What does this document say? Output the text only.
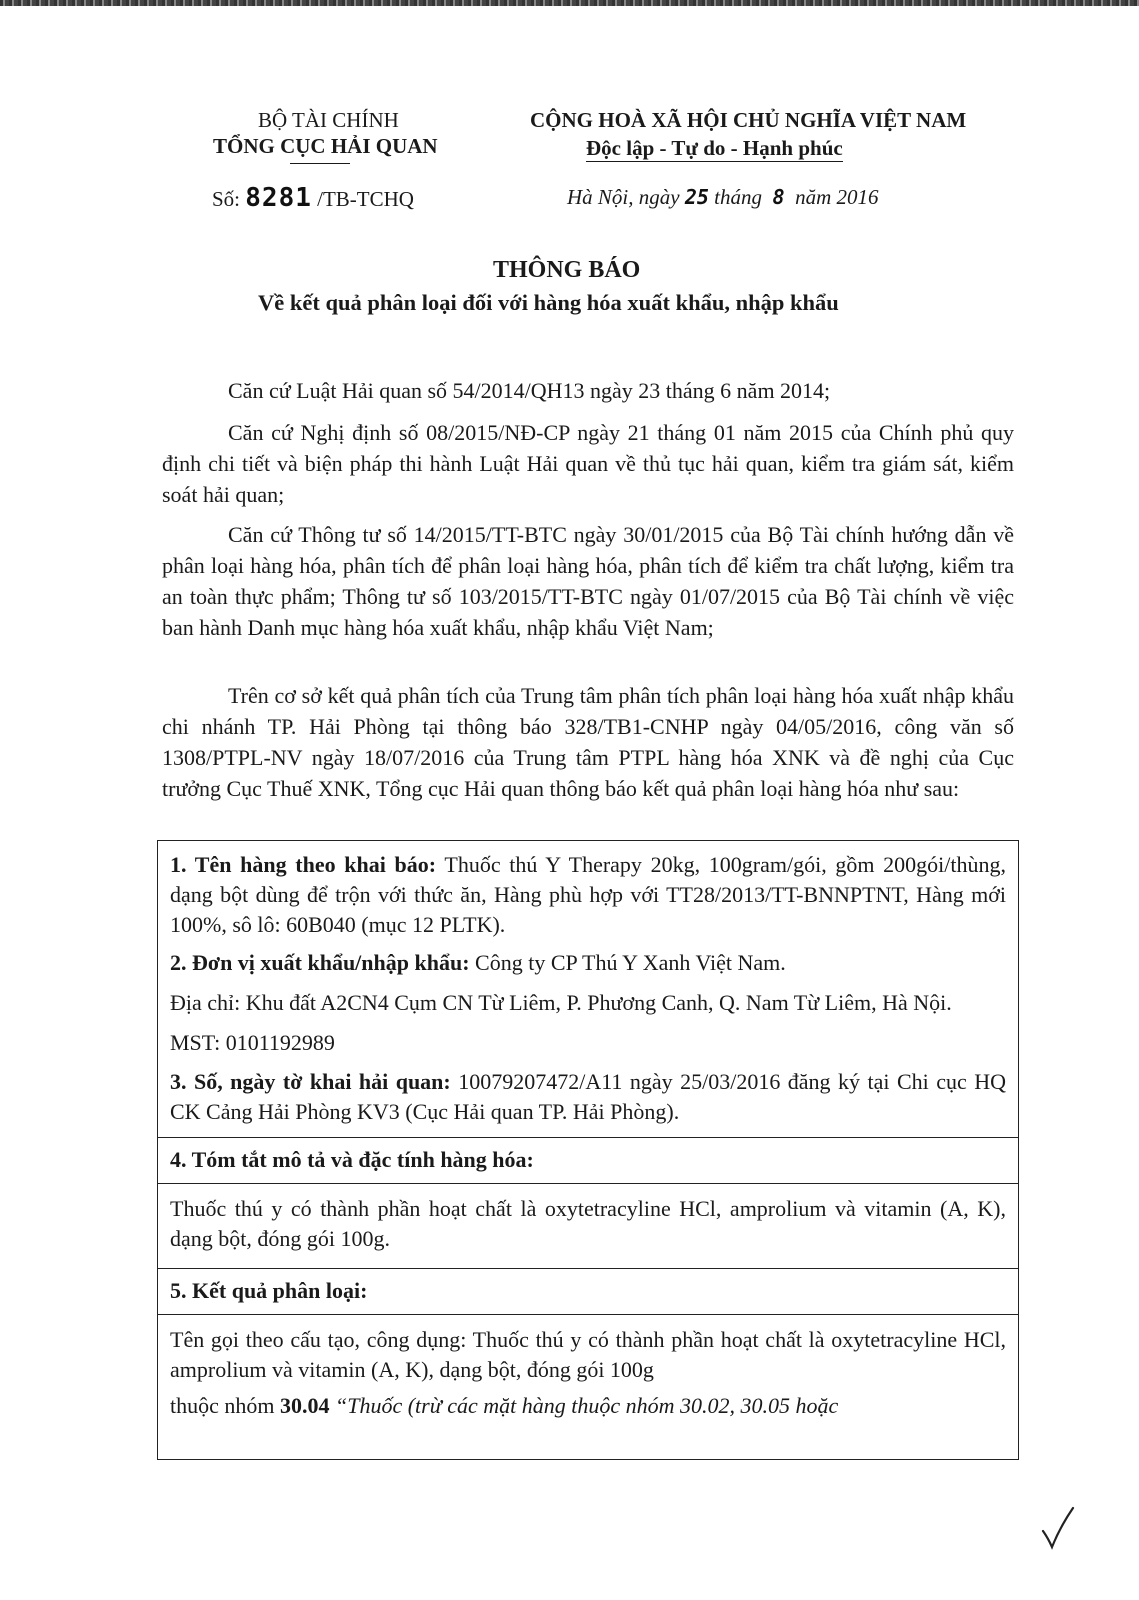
BỘ TÀI CHÍNH
TỔNG CỤC HẢI QUAN
Số: 8281 /TB-TCHQ
CỘNG HOÀ XÃ HỘI CHỦ NGHĨA VIỆT NAM
Độc lập - Tự do - Hạnh phúc
Hà Nội, ngày 25 tháng 8 năm 2016
THÔNG BÁO
Về kết quả phân loại đối với hàng hóa xuất khẩu, nhập khẩu
Căn cứ Luật Hải quan số 54/2014/QH13 ngày 23 tháng 6 năm 2014;
Căn cứ Nghị định số 08/2015/NĐ-CP ngày 21 tháng 01 năm 2015 của Chính phủ quy định chi tiết và biện pháp thi hành Luật Hải quan về thủ tục hải quan, kiểm tra giám sát, kiểm soát hải quan;
Căn cứ Thông tư số 14/2015/TT-BTC ngày 30/01/2015 của Bộ Tài chính hướng dẫn về phân loại hàng hóa, phân tích để phân loại hàng hóa, phân tích để kiểm tra chất lượng, kiểm tra an toàn thực phẩm; Thông tư số 103/2015/TT-BTC ngày 01/07/2015 của Bộ Tài chính về việc ban hành Danh mục hàng hóa xuất khẩu, nhập khẩu Việt Nam;
Trên cơ sở kết quả phân tích của Trung tâm phân tích phân loại hàng hóa xuất nhập khẩu chi nhánh TP. Hải Phòng tại thông báo 328/TB1-CNHP ngày 04/05/2016, công văn số 1308/PTPL-NV ngày 18/07/2016 của Trung tâm PTPL hàng hóa XNK và đề nghị của Cục trưởng Cục Thuế XNK, Tổng cục Hải quan thông báo kết quả phân loại hàng hóa như sau:
1. Tên hàng theo khai báo: Thuốc thú Y Therapy 20kg, 100gram/gói, gồm 200gói/thùng, dạng bột dùng để trộn với thức ăn, Hàng phù hợp với TT28/2013/TT-BNNPTNT, Hàng mới 100%, sô lô: 60B040 (mục 12 PLTK).
2. Đơn vị xuất khẩu/nhập khẩu: Công ty CP Thú Y Xanh Việt Nam.
Địa chỉ: Khu đất A2CN4 Cụm CN Từ Liêm, P. Phương Canh, Q. Nam Từ Liêm, Hà Nội.
MST: 0101192989
3. Số, ngày tờ khai hải quan: 10079207472/A11 ngày 25/03/2016 đăng ký tại Chi cục HQ CK Cảng Hải Phòng KV3 (Cục Hải quan TP. Hải Phòng).
4. Tóm tắt mô tả và đặc tính hàng hóa:
Thuốc thú y có thành phần hoạt chất là oxytetracyline HCl, amprolium và vitamin (A, K), dạng bột, đóng gói 100g.
5. Kết quả phân loại:
Tên gọi theo cấu tạo, công dụng: Thuốc thú y có thành phần hoạt chất là oxytetracyline HCl, amprolium và vitamin (A, K), dạng bột, đóng gói 100g
thuộc nhóm 30.04 “Thuốc (trừ các mặt hàng thuộc nhóm 30.02, 30.05 hoặc
